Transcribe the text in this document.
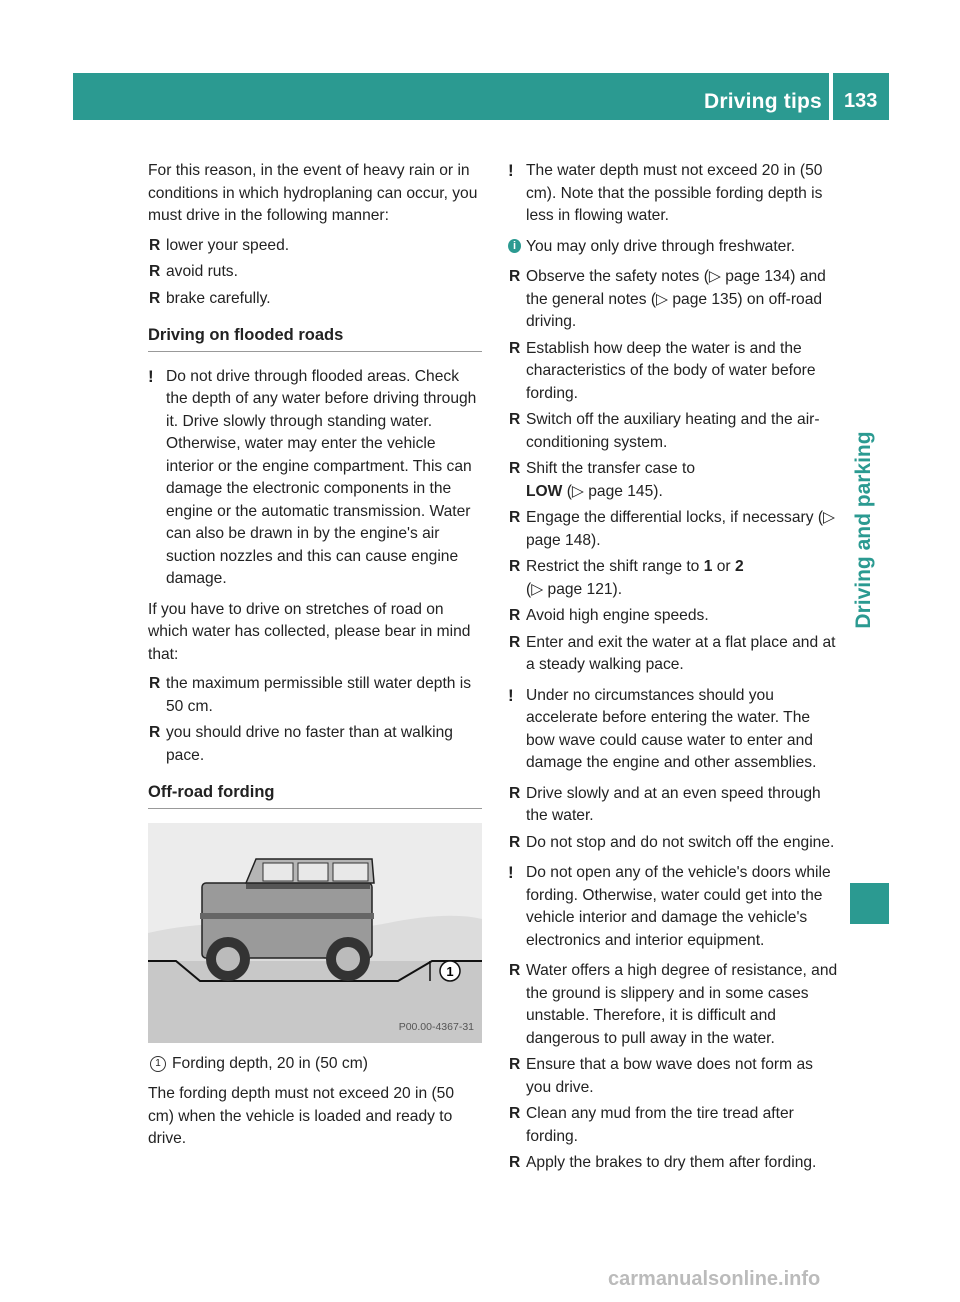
Driving tips 133
Driving and parking

For this reason, in the event of heavy rain or in conditions in which hydroplaning can occur, you must drive in the following manner:

R lower your speed.
R avoid ruts.
R brake carefully.
Driving on flooded roads
! Do not drive through flooded areas. Check the depth of any water before driving through it. Drive slowly through standing water. Otherwise, water may enter the vehicle interior or the engine compartment. This can damage the electronic components in the engine or the automatic transmission. Water can also be drawn in by the engine's air suction nozzles and this can cause engine damage.

If you have to drive on stretches of road on which water has collected, please bear in mind that:

R the maximum permissible still water depth is 50 cm.
R you should drive no faster than at walking pace.
Off-road fording
1
P00.00-4367-31
1 Fording depth, 20 in (50 cm)

The fording depth must not exceed 20 in (50 cm) when the vehicle is loaded and ready to drive.

! The water depth must not exceed 20 in (50 cm). Note that the possible fording depth is less in flowing water.
i You may only drive through freshwater.
R Observe the safety notes (▷ page 134) and the general notes (▷ page 135) on off-road driving.
R Establish how deep the water is and the characteristics of the body of water before fording.
R Switch off the auxiliary heating and the air-conditioning system.
R Shift the transfer case to
LOW (▷ page 145).
R Engage the differential locks, if necessary (▷ page 148).
R Restrict the shift range to 1 or 2
(▷ page 121).
R Avoid high engine speeds.
R Enter and exit the water at a flat place and at a steady walking pace.
! Under no circumstances should you accelerate before entering the water. The bow wave could cause water to enter and damage the engine and other assemblies.
R Drive slowly and at an even speed through the water.
R Do not stop and do not switch off the engine.
! Do not open any of the vehicle's doors while fording. Otherwise, water could get into the vehicle interior and damage the vehicle's electronics and interior equipment.
R Water offers a high degree of resistance, and the ground is slippery and in some cases unstable. Therefore, it is difficult and dangerous to pull away in the water.
R Ensure that a bow wave does not form as you drive.
R Clean any mud from the tire tread after fording.
R Apply the brakes to dry them after fording.
carmanualsonline.info
